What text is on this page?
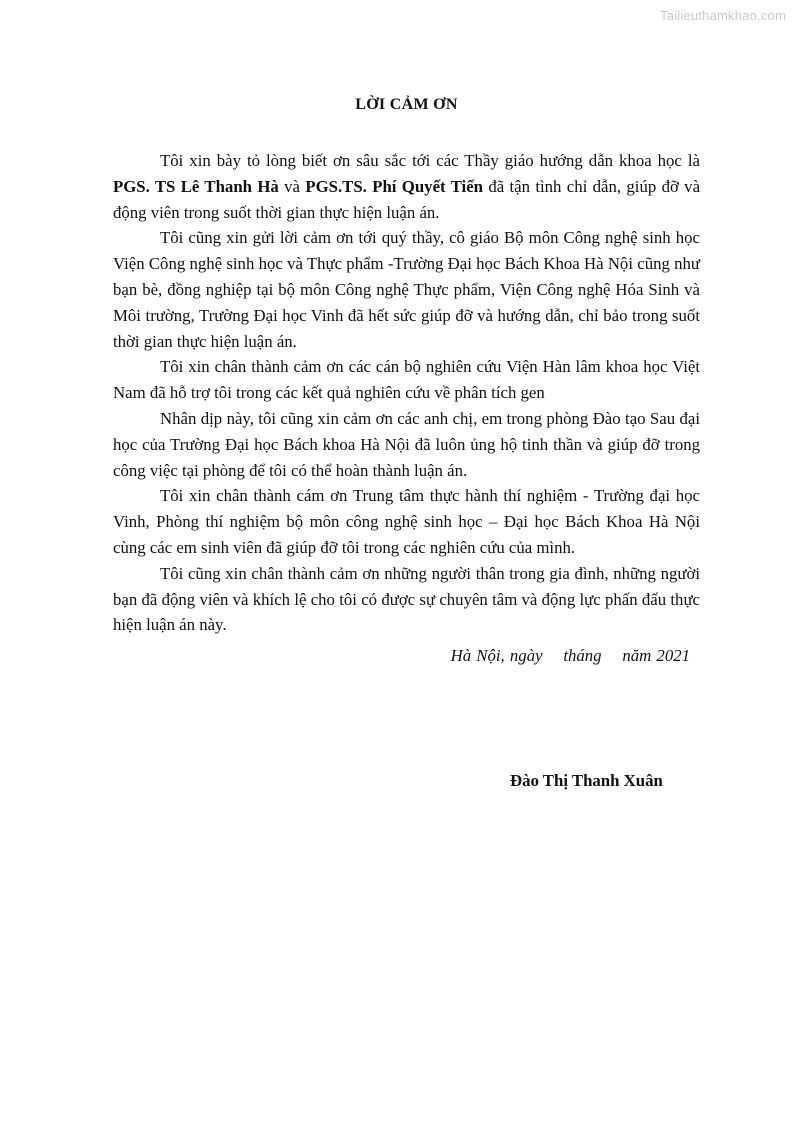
Tailieuthamkhao.com
LỜI CẢM ƠN

Tôi xin bày tỏ lòng biết ơn sâu sắc tới các Thầy giáo hướng dẫn khoa học là PGS. TS Lê Thanh Hà và PGS.TS. Phí Quyết Tiến đã tận tình chỉ dẫn, giúp đỡ và động viên trong suốt thời gian thực hiện luận án.

Tôi cũng xin gửi lời cảm ơn tới quý thầy, cô giáo Bộ môn Công nghệ sinh học Viện Công nghệ sinh học và Thực phẩm -Trường Đại học Bách Khoa Hà Nội cũng như bạn bè, đồng nghiệp tại bộ môn Công nghệ Thực phẩm, Viện Công nghệ Hóa Sinh và Môi trường, Trường Đại học Vinh đã hết sức giúp đỡ và hướng dẫn, chỉ bảo trong suốt thời gian thực hiện luận án.

Tôi xin chân thành cảm ơn các cán bộ nghiên cứu Viện Hàn lâm khoa học Việt Nam đã hỗ trợ tôi trong các kết quả nghiên cứu về phân tích gen

Nhân dịp này, tôi cũng xin cảm ơn các anh chị, em trong phòng Đào tạo Sau đại học của Trường Đại học Bách khoa Hà Nội đã luôn ủng hộ tinh thần và giúp đỡ trong công việc tại phòng để tôi có thể hoàn thành luận án.

Tôi xin chân thành cám ơn Trung tâm thực hành thí nghiệm - Trường đại học Vinh, Phòng thí nghiệm bộ môn công nghệ sinh học – Đại học Bách Khoa Hà Nội cùng các em sinh viên đã giúp đỡ tôi trong các nghiên cứu của mình.

Tôi cũng xin chân thành cảm ơn những người thân trong gia đình, những người bạn đã động viên và khích lệ cho tôi có được sự chuyên tâm và động lực phấn đấu thực hiện luận án này.

Hà Nội, ngày    tháng    năm 2021
Đào Thị Thanh Xuân
